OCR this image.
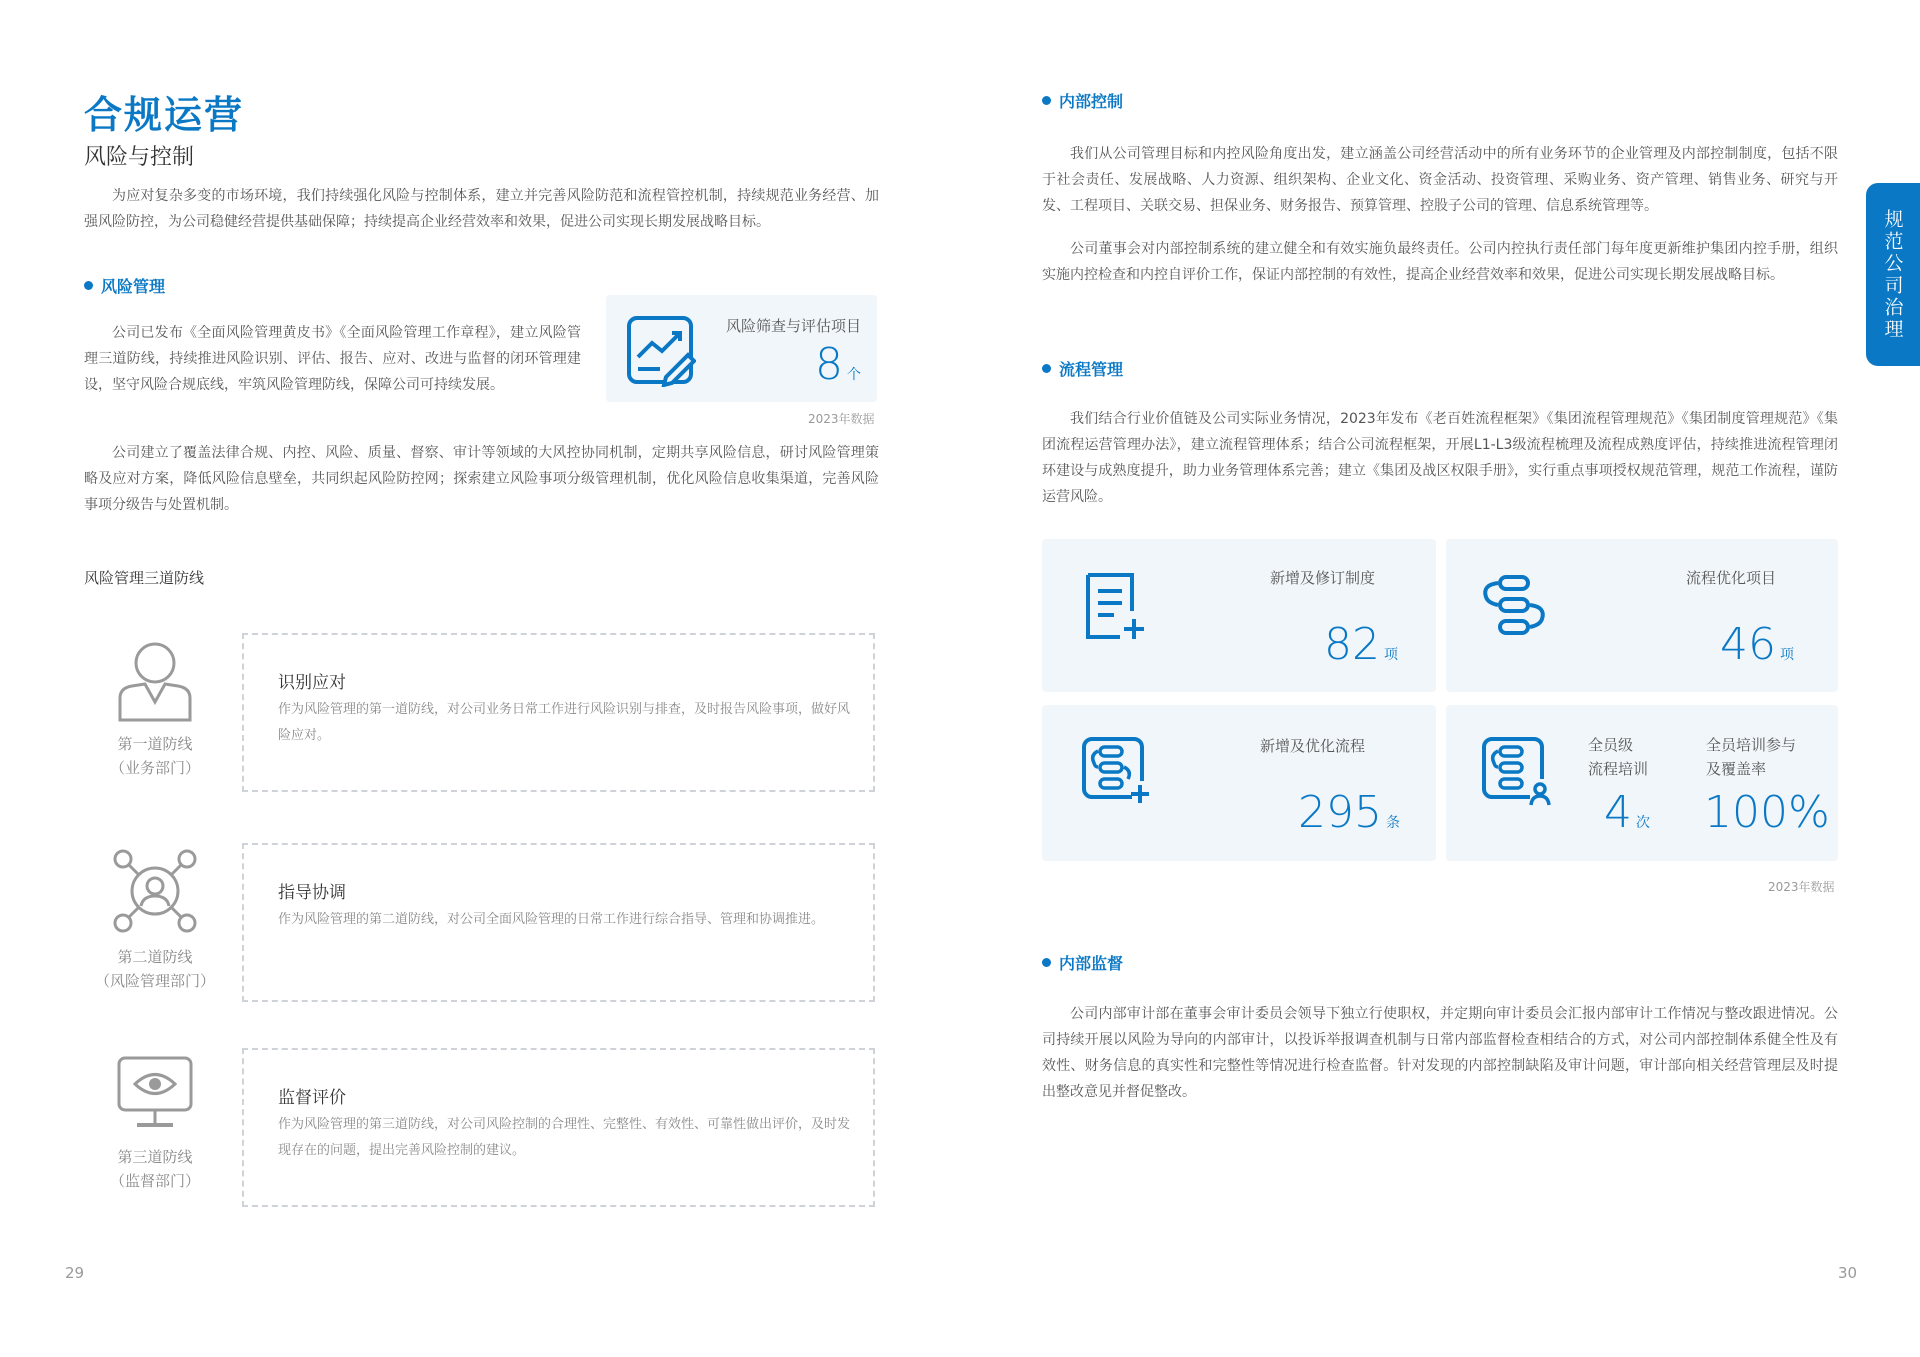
合规运营
风险与控制

为应对复杂多变的市场环境，我们持续强化风险与控制体系，建立并完善风险防范和流程管控机制，持续规范业务经营、加强风险防控，为公司稳健经营提供基础保障；持续提高企业经营效率和效果，促进公司实现长期发展战略目标。

风险管理

公司已发布《全面风险管理黄皮书》《全面风险管理工作章程》，建立风险管理三道防线，持续推进风险识别、评估、报告、应对、改进与监督的闭环管理建设，坚守风险合规底线，牢筑风险管理防线，保障公司可持续发展。

风险筛查与评估项目
8 个
2023年数据

公司建立了覆盖法律合规、内控、风险、质量、督察、审计等领域的大风控协同机制，定期共享风险信息，研讨风险管理策略及应对方案，降低风险信息壁垒，共同织起风险防控网；探索建立风险事项分级管理机制，优化风险信息收集渠道，完善风险事项分级告与处置机制。

风险管理三道防线
第一道防线
（业务部门）
识别应对

作为风险管理的第一道防线，对公司业务日常工作进行风险识别与排查，及时报告风险事项，做好风险应对。

第二道防线
（风险管理部门）
指导协调

作为风险管理的第二道防线，对公司全面风险管理的日常工作进行综合指导、管理和协调推进。

第三道防线
（监督部门）
监督评价

作为风险管理的第三道防线，对公司风险控制的合理性、完整性、有效性、可靠性做出评价，及时发现存在的问题，提出完善风险控制的建议。

29
内部控制

我们从公司管理目标和内控风险角度出发，建立涵盖公司经营活动中的所有业务环节的企业管理及内部控制制度，包括不限于社会责任、发展战略、人力资源、组织架构、企业文化、资金活动、投资管理、采购业务、资产管理、销售业务、研究与开发、工程项目、关联交易、担保业务、财务报告、预算管理、控股子公司的管理、信息系统管理等。

公司董事会对内部控制系统的建立健全和有效实施负最终责任。公司内控执行责任部门每年度更新维护集团内控手册，组织实施内控检查和内控自评价工作，保证内部控制的有效性，提高企业经营效率和效果，促进公司实现长期发展战略目标。

流程管理

我们结合行业价值链及公司实际业务情况，2023年发布《老百姓流程框架》《集团流程管理规范》《集团制度管理规范》《集团流程运营管理办法》，建立流程管理体系；结合公司流程框架，开展L1-L3级流程梳理及流程成熟度评估，持续推进流程管理闭环建设与成熟度提升，助力业务管理体系完善；建立《集团及战区权限手册》，实行重点事项授权规范管理，规范工作流程，谨防运营风险。

新增及修订制度
82 项
流程优化项目
46 项
新增及优化流程
295 条
全员级
流程培训
4 次
全员培训参与
及覆盖率
100%
2023年数据
内部监督

公司内部审计部在董事会审计委员会领导下独立行使职权，并定期向审计委员会汇报内部审计工作情况与整改跟进情况。公司持续开展以风险为导向的内部审计，以投诉举报调查机制与日常内部监督检查相结合的方式，对公司内部控制体系健全性及有效性、财务信息的真实性和完整性等情况进行检查监督。针对发现的内部控制缺陷及审计问题，审计部向相关经营管理层及时提出整改意见并督促整改。

规范公司治理
30
